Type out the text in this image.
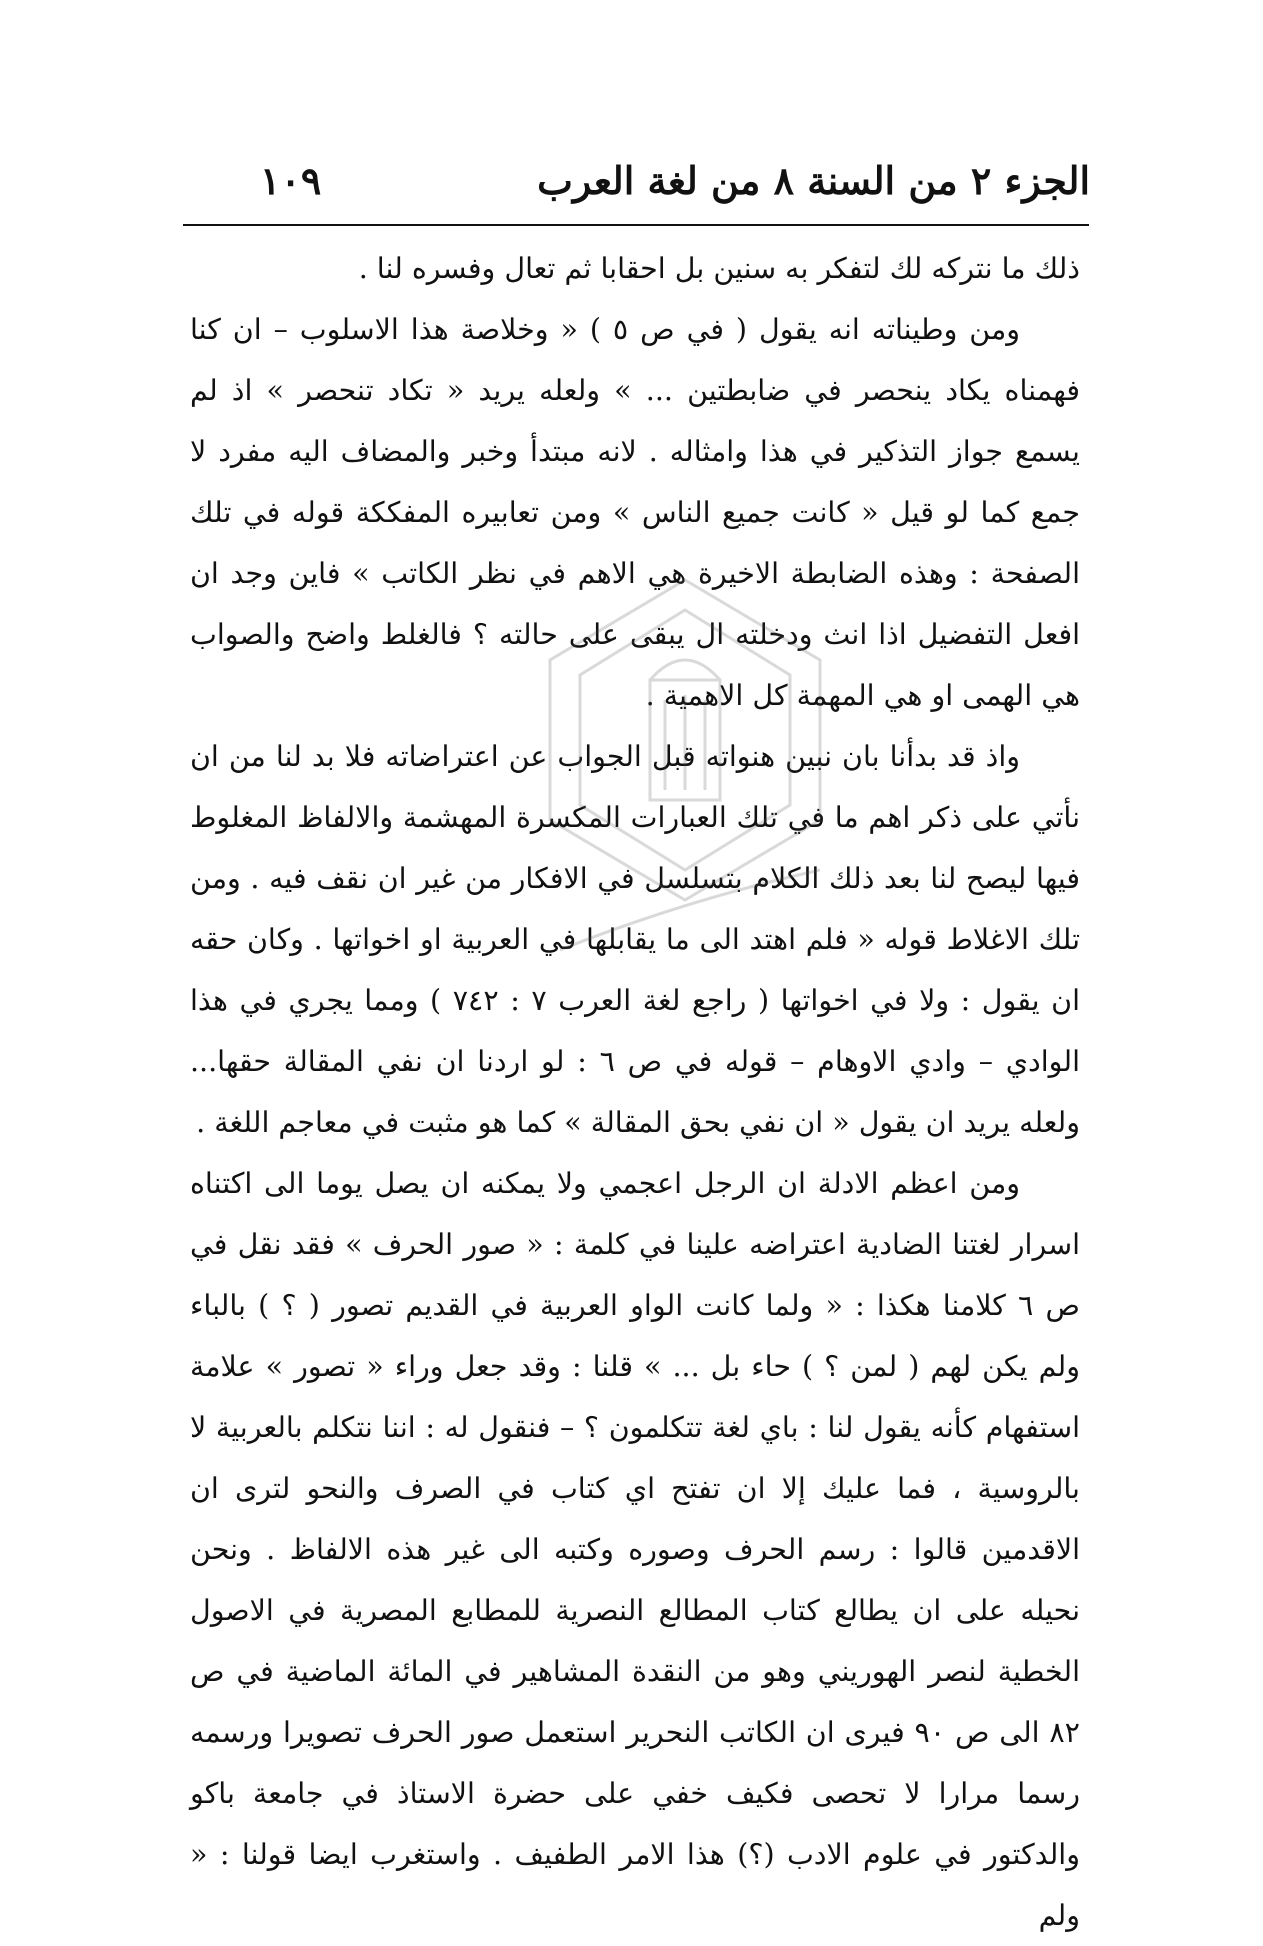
الجزء ٢ من السنة ٨ من لغة العرب
١٠٩

ذلك ما نتركه لك لتفكر به سنين بل احقابا ثم تعال وفسره لنا .

ومن وطيناته انه يقول ( في ص ٥ ) « وخلاصة هذا الاسلوب – ان كنا فهمناه يكاد ينحصر في ضابطتين ... » ولعله يريد « تكاد تنحصر » اذ لم يسمع جواز التذكير في هذا وامثاله . لانه مبتدأ وخبر والمضاف اليه مفرد لا جمع كما لو قيل « كانت جميع الناس » ومن تعابيره المفككة قوله في تلك الصفحة : وهذه الضابطة الاخيرة هي الاهم في نظر الكاتب » فاين وجد ان افعل التفضيل اذا انث ودخلته ال يبقى على حالته ؟ فالغلط واضح والصواب هي الهمى او هي المهمة كل الاهمية .

واذ قد بدأنا بان نبين هنواته قبل الجواب عن اعتراضاته فلا بد لنا من ان نأتي على ذكر اهم ما في تلك العبارات المكسرة المهشمة والالفاظ المغلوط فيها ليصح لنا بعد ذلك الكلام بتسلسل في الافكار من غير ان نقف فيه . ومن تلك الاغلاط قوله « فلم اهتد الى ما يقابلها في العربية او اخواتها . وكان حقه ان يقول : ولا في اخواتها ( راجع لغة العرب ٧ : ٧٤٢ ) ومما يجري في هذا الوادي – وادي الاوهام – قوله في ص ٦ : لو اردنا ان نفي المقالة حقها... ولعله يريد ان يقول « ان نفي بحق المقالة » كما هو مثبت في معاجم اللغة .

ومن اعظم الادلة ان الرجل اعجمي ولا يمكنه ان يصل يوما الى اكتناه اسرار لغتنا الضادية اعتراضه علينا في كلمة : « صور الحرف » فقد نقل في ص ٦ كلامنا هكذا : « ولما كانت الواو العربية في القديم تصور ( ؟ ) بالباء ولم يكن لهم ( لمن ؟ ) حاء بل ... » قلنا : وقد جعل وراء « تصور » علامة استفهام كأنه يقول لنا : باي لغة تتكلمون ؟ – فنقول له : اننا نتكلم بالعربية لا بالروسية ، فما عليك إلا ان تفتح اي كتاب في الصرف والنحو لترى ان الاقدمين قالوا : رسم الحرف وصوره وكتبه الى غير هذه الالفاظ . ونحن نحيله على ان يطالع كتاب المطالع النصرية للمطابع المصرية في الاصول الخطية لنصر الهوريني وهو من النقدة المشاهير في المائة الماضية في ص ٨٢ الى ص ٩٠ فيرى ان الكاتب النحرير استعمل صور الحرف تصويرا ورسمه رسما مرارا لا تحصى فكيف خفي على حضرة الاستاذ في جامعة باكو والدكتور في علوم الادب (؟) هذا الامر الطفيف . واستغرب ايضا قولنا : « ولم
